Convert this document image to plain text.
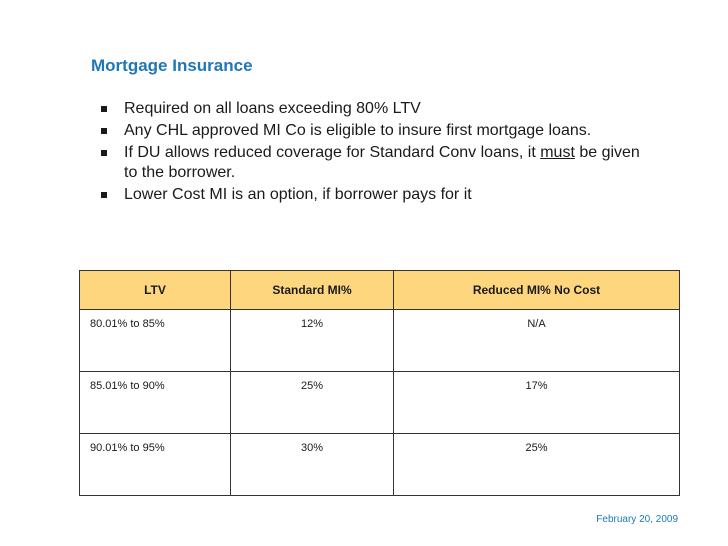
Mortgage Insurance
Required on all loans exceeding 80% LTV
Any CHL approved MI Co is eligible to insure first mortgage loans.
If DU allows reduced coverage for Standard Conv loans, it must be given to the borrower.
Lower Cost MI is an option, if borrower pays for it
LTV	Standard MI%	Reduced MI% No Cost
80.01% to 85%	12%	N/A
85.01% to 90%	25%	17%
90.01% to 95%	30%	25%
February 20, 2009
